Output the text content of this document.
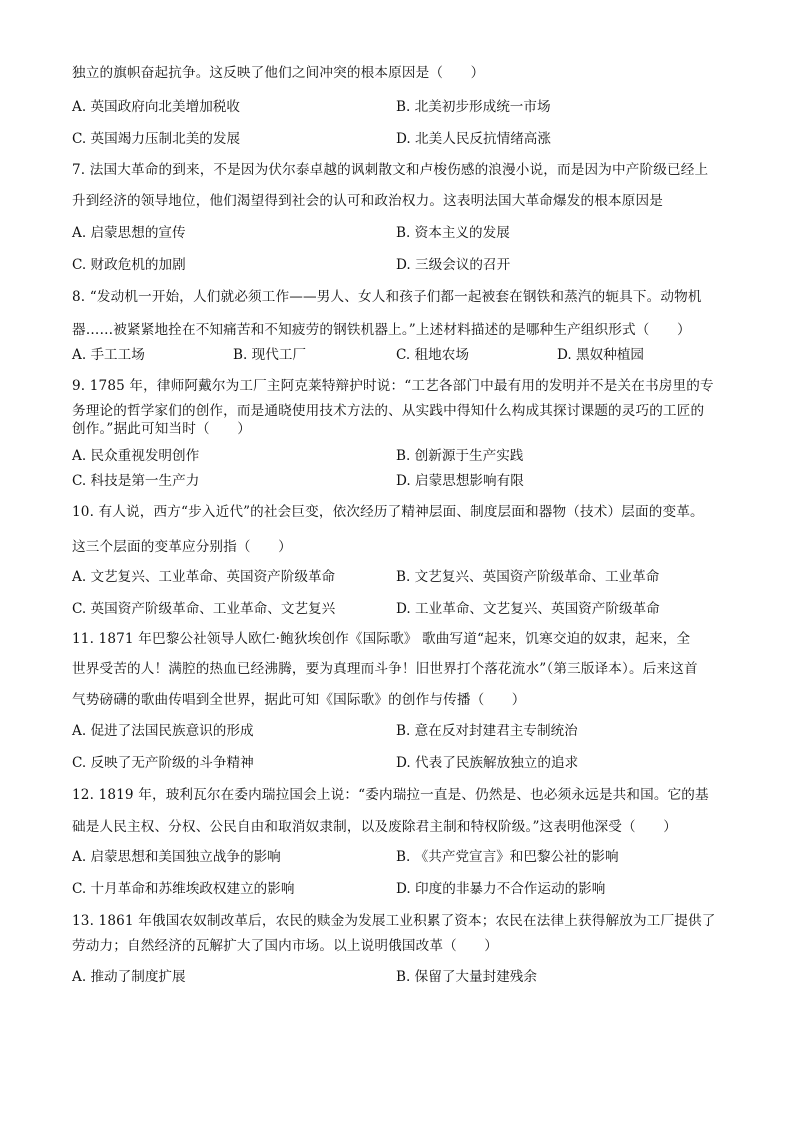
独立的旗帜奋起抗争。这反映了他们之间冲突的根本原因是（　　）
A. 英国政府向北美增加税收	B. 北美初步形成统一市场
C. 英国竭力压制北美的发展	D. 北美人民反抗情绪高涨
7. 法国大革命的到来，不是因为伏尔泰卓越的讽刺散文和卢梭伤感的浪漫小说，而是因为中产阶级已经上
升到经济的领导地位，他们渴望得到社会的认可和政治权力。这表明法国大革命爆发的根本原因是
A. 启蒙思想的宣传	B. 资本主义的发展
C. 财政危机的加剧	D. 三级会议的召开
8. “发动机一开始，人们就必须工作——男人、女人和孩子们都一起被套在钢铁和蒸汽的轭具下。动物机
器……被紧紧地拴在不知痛苦和不知疲劳的钢铁机器上。”上述材料描述的是哪种生产组织形式（　　）
A. 手工工场	B. 现代工厂	C. 租地农场	D. 黑奴种植园
9. 1785 年，律师阿戴尔为工厂主阿克莱特辩护时说：“工艺各部门中最有用的发明并不是关在书房里的专
务理论的哲学家们的创作，而是通晓使用技术方法的、从实践中得知什么构成其探讨课题的灵巧的工匠的
创作。”据此可知当时（　　）
A. 民众重视发明创作	B. 创新源于生产实践
C. 科技是第一生产力	D. 启蒙思想影响有限
10. 有人说，西方“步入近代”的社会巨变，依次经历了精神层面、制度层面和器物（技术）层面的变革。
这三个层面的变革应分别指（　　）
A. 文艺复兴、工业革命、英国资产阶级革命	B. 文艺复兴、英国资产阶级革命、工业革命
C. 英国资产阶级革命、工业革命、文艺复兴	D. 工业革命、文艺复兴、英国资产阶级革命
11. 1871 年巴黎公社领导人欧仁·鲍狄埃创作《国际歌》 歌曲写道“起来，饥寒交迫的奴隶，起来，全
世界受苦的人！满腔的热血已经沸腾，要为真理而斗争！旧世界打个落花流水”（第三版译本）。后来这首
气势磅礴的歌曲传唱到全世界，据此可知《国际歌》的创作与传播（　　）
A. 促进了法国民族意识的形成	B. 意在反对封建君主专制统治
C. 反映了无产阶级的斗争精神	D. 代表了民族解放独立的追求
12. 1819 年，玻利瓦尔在委内瑞拉国会上说：“委内瑞拉一直是、仍然是、也必须永远是共和国。它的基
础是人民主权、分权、公民自由和取消奴隶制，以及废除君主制和特权阶级。”这表明他深受（　　）
A. 启蒙思想和美国独立战争的影响	B. 《共产党宣言》和巴黎公社的影响
C. 十月革命和苏维埃政权建立的影响	D. 印度的非暴力不合作运动的影响
13. 1861 年俄国农奴制改革后，农民的赎金为发展工业积累了资本；农民在法律上获得解放为工厂提供了
劳动力；自然经济的瓦解扩大了国内市场。以上说明俄国改革（　　）
A. 推动了制度扩展	B. 保留了大量封建残余
